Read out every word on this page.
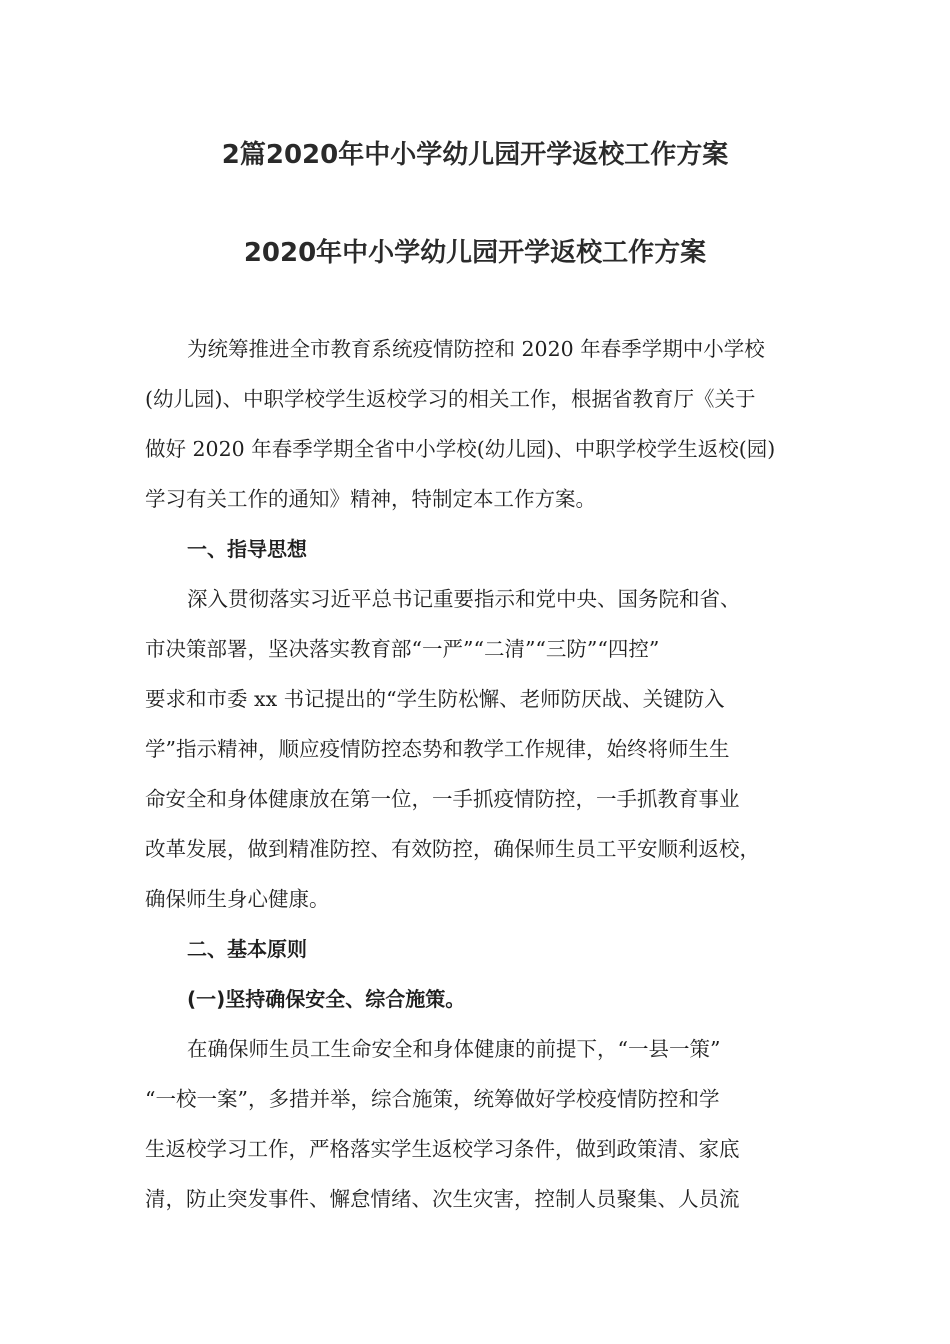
2篇2020年中小学幼儿园开学返校工作方案
2020年中小学幼儿园开学返校工作方案
为统筹推进全市教育系统疫情防控和 2020 年春季学期中小学校
(幼儿园)、中职学校学生返校学习的相关工作，根据省教育厅《关于
做好 2020 年春季学期全省中小学校(幼儿园)、中职学校学生返校(园)
学习有关工作的通知》精神，特制定本工作方案。
一、指导思想
深入贯彻落实习近平总书记重要指示和党中央、国务院和省、
市决策部署，坚决落实教育部“一严”“二清”“三防”“四控”
要求和市委 xx 书记提出的“学生防松懈、老师防厌战、关键防入
学”指示精神，顺应疫情防控态势和教学工作规律，始终将师生生
命安全和身体健康放在第一位，一手抓疫情防控，一手抓教育事业
改革发展，做到精准防控、有效防控，确保师生员工平安顺利返校，
确保师生身心健康。
二、基本原则
(一)坚持确保安全、综合施策。
在确保师生员工生命安全和身体健康的前提下，“一县一策”
“一校一案”，多措并举，综合施策，统筹做好学校疫情防控和学
生返校学习工作，严格落实学生返校学习条件，做到政策清、家底
清，防止突发事件、懈怠情绪、次生灾害，控制人员聚集、人员流
